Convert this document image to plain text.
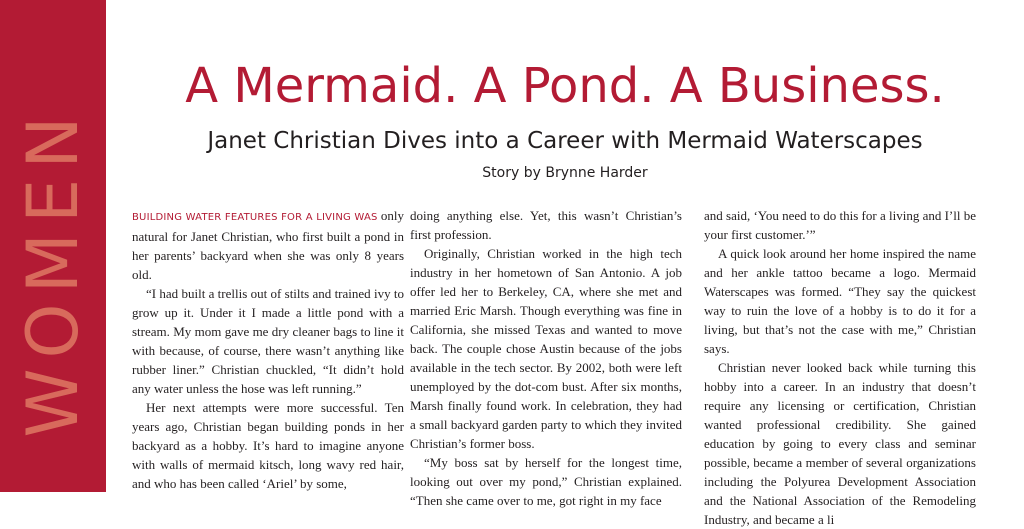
WOMEN
A Mermaid. A Pond. A Business.
Janet Christian Dives into a Career with Mermaid Waterscapes
Story by Brynne Harder

BUILDING WATER FEATURES FOR A LIVING WAS only natural for Janet Christian, who first built a pond in her parents’ backyard when she was only 8 years old.

“I had built a trellis out of stilts and trained ivy to grow up it. Under it I made a little pond with a stream. My mom gave me dry cleaner bags to line it with because, of course, there wasn’t anything like rubber liner.” Christian chuckled, “It didn’t hold any water unless the hose was left running.”

Her next attempts were more successful. Ten years ago, Christian began building ponds in her backyard as a hobby. It’s hard to imagine anyone with walls of mermaid kitsch, long wavy red hair, and who has been called ‘Ariel’ by some,

doing anything else. Yet, this wasn’t Christian’s first profession.

Originally, Christian worked in the high tech industry in her hometown of San Antonio. A job offer led her to Berkeley, CA, where she met and married Eric Marsh. Though everything was fine in California, she missed Texas and wanted to move back. The couple chose Austin because of the jobs available in the tech sector. By 2002, both were left unemployed by the dot-com bust. After six months, Marsh finally found work. In celebration, they had a small backyard garden party to which they invited Christian’s former boss.

“My boss sat by herself for the longest time, looking out over my pond,” Christian explained. “Then she came over to me, got right in my face

and said, ‘You need to do this for a living and I’ll be your first customer.’”

A quick look around her home inspired the name and her ankle tattoo became a logo. Mermaid Waterscapes was formed. “They say the quickest way to ruin the love of a hobby is to do it for a living, but that’s not the case with me,” Christian says.

Christian never looked back while turning this hobby into a career. In an industry that doesn’t require any licensing or certification, Christian wanted professional credibility. She gained education by going to every class and seminar possible, became a member of several organizations including the Polyurea Development Association and the National Association of the Remodeling Industry, and became a li
